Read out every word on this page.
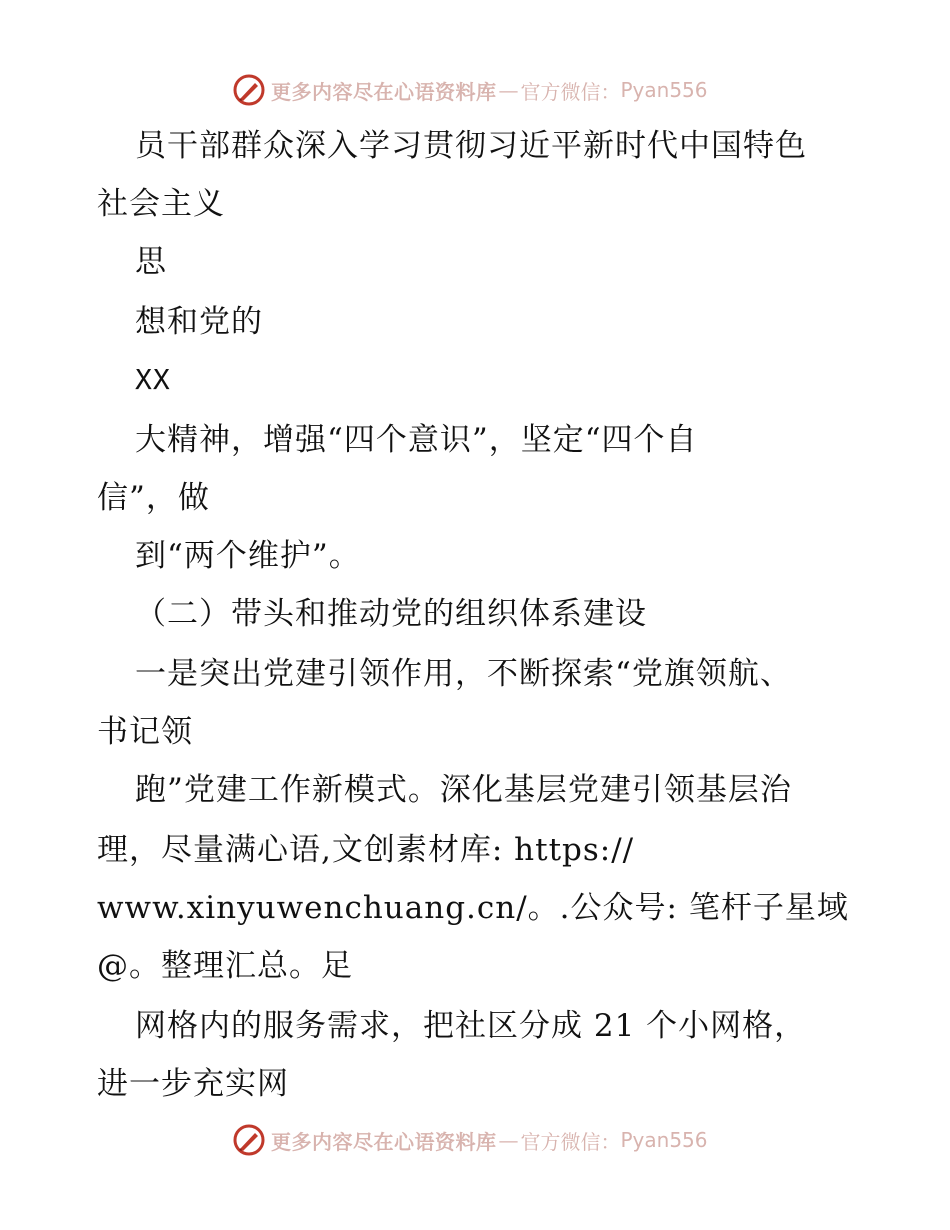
更多内容尽在心语资料库 — 官方微信： Pyan556
员干部群众深入学习贯彻习近平新时代中国特色
社会主义
思
想和党的
XX
大精神，增强“四个意识”，坚定“四个自
信”，做
到“两个维护”。
（二）带头和推动党的组织体系建设
一是突出党建引领作用，不断探索“党旗领航、
书记领
跑”党建工作新模式。深化基层党建引领基层治
理，尽量满心语,文创素材库: https://
www.xinyuwenchuang.cn/。.公众号: 笔杆子星域
@。整理汇总。足
网格内的服务需求，把社区分成 21 个小网格，
进一步充实网
更多内容尽在心语资料库 — 官方微信： Pyan556
